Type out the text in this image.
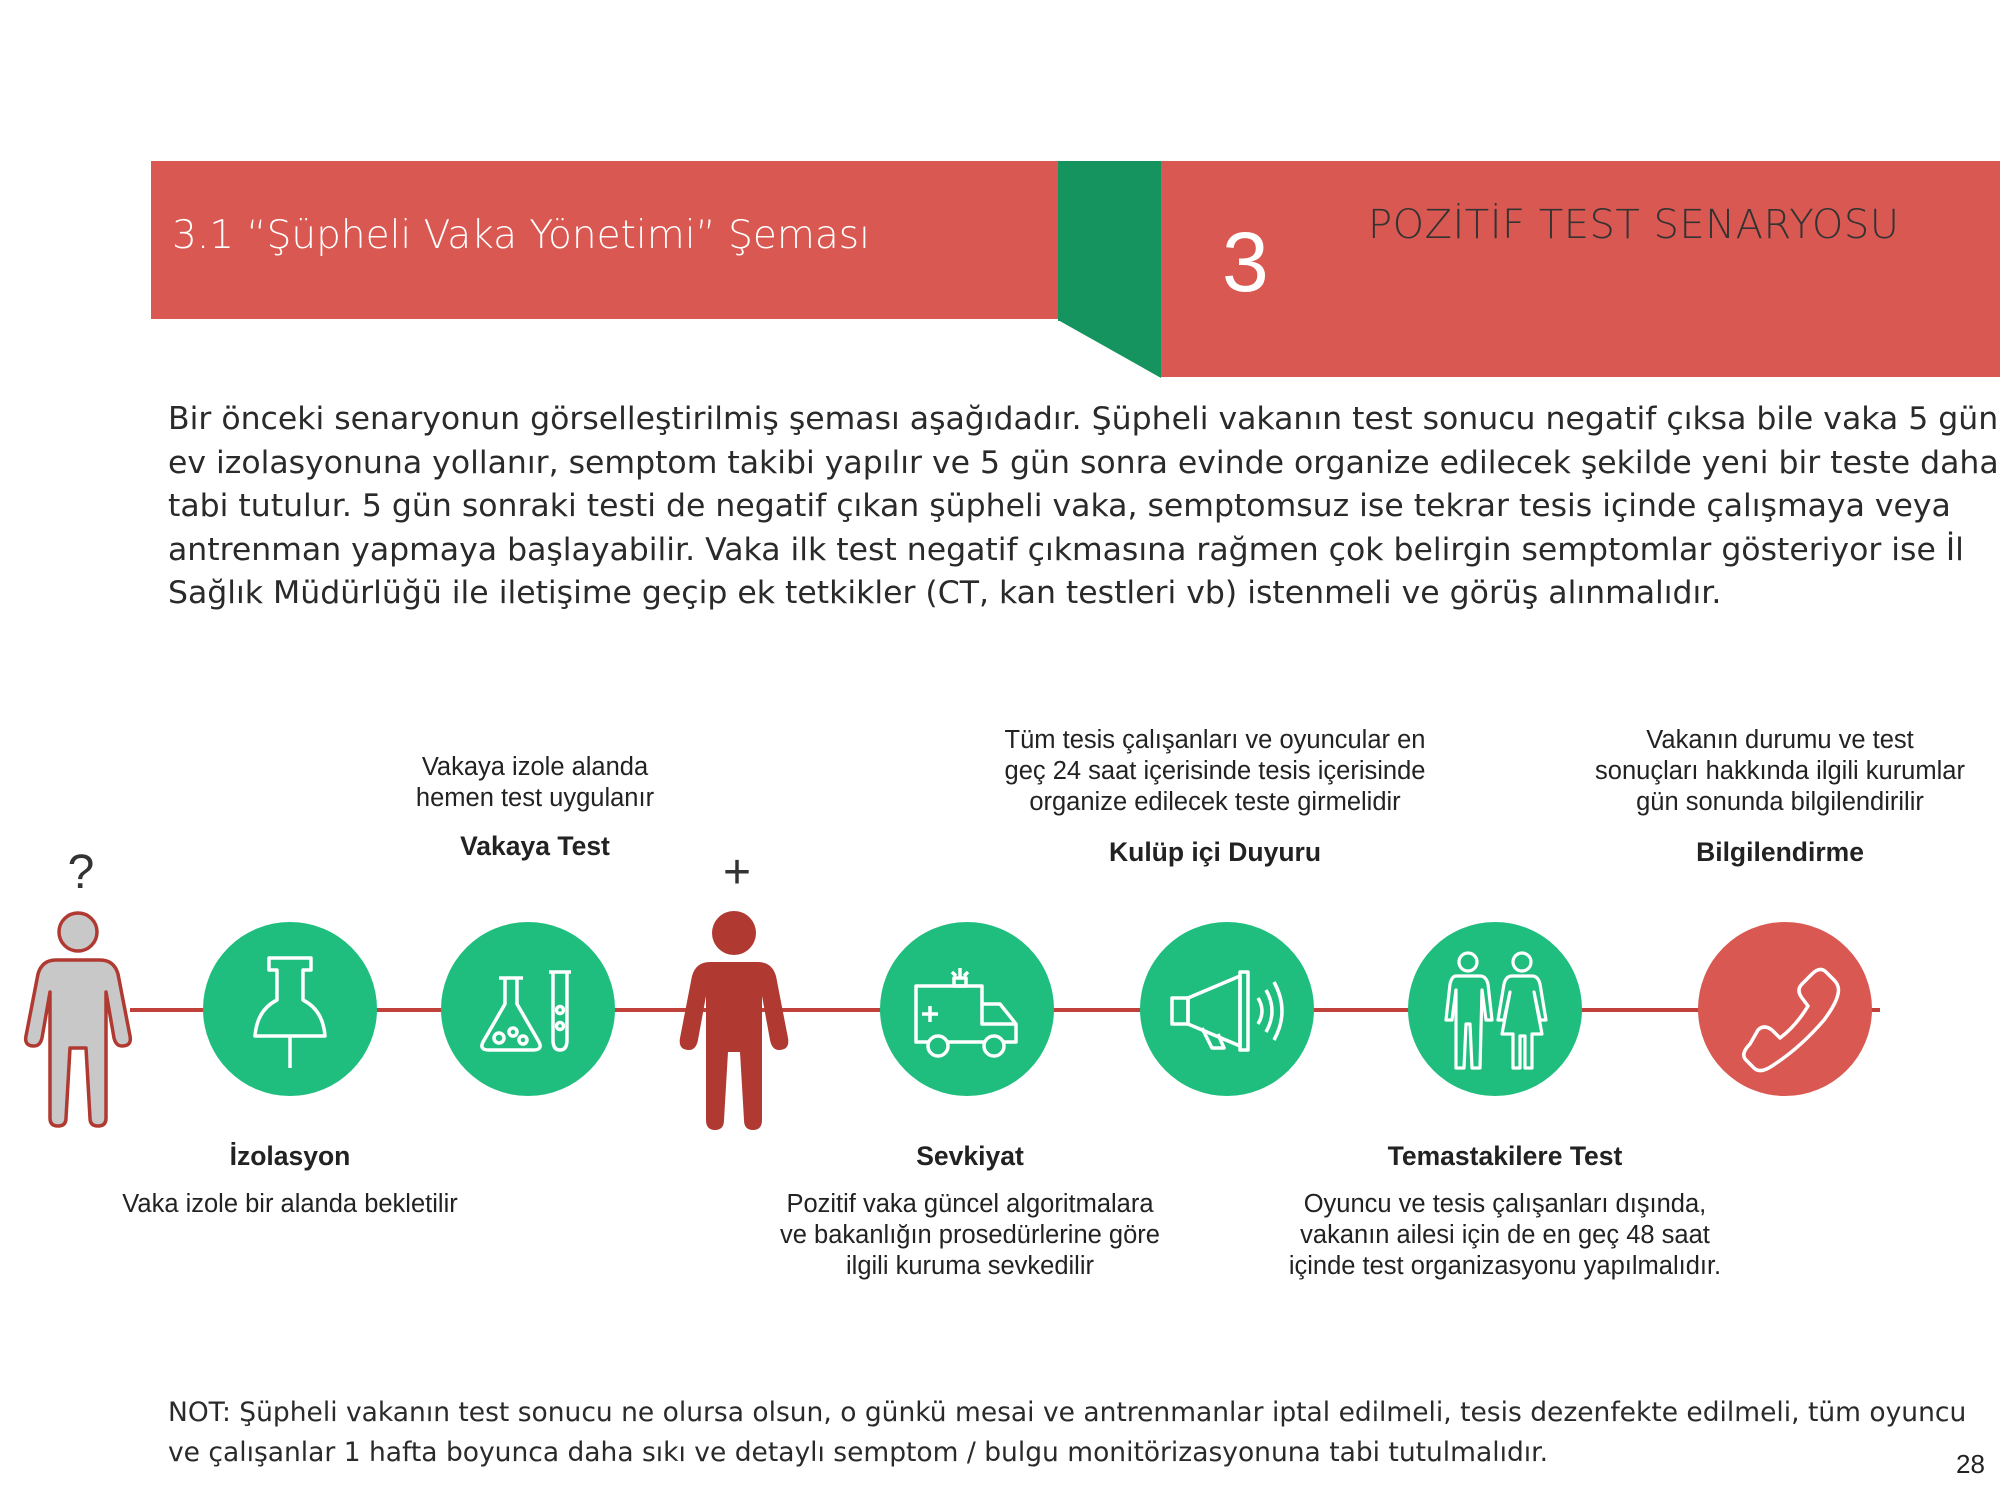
3.1 “Şüpheli Vaka Yönetimi” Şeması	3 POZİTİF TEST SENARYOSU

Bir önceki senaryonun görselleştirilmiş şeması aşağıdadır. Şüpheli vakanın test sonucu negatif çıksa bile vaka 5 gün ev izolasyonuna yollanır, semptom takibi yapılır ve 5 gün sonra evinde organize edilecek şekilde yeni bir teste daha tabi tutulur. 5 gün sonraki testi de negatif çıkan şüpheli vaka, semptomsuz ise tekrar tesis içinde çalışmaya veya antrenman yapmaya başlayabilir. Vaka ilk test negatif çıkmasına rağmen çok belirgin semptomlar gösteriyor ise İl Sağlık Müdürlüğü ile iletişime geçip ek tetkikler (CT, kan testleri vb) istenmeli ve görüş alınmalıdır.

?	+
İzolasyon
Vaka izole bir alanda bekletilir
Vakaya izole alanda
hemen test uygulanır
Vakaya Test
Sevkiyat
Pozitif vaka güncel algoritmalara
ve bakanlığın prosedürlerine göre
ilgili kuruma sevkedilir
Tüm tesis çalışanları ve oyuncular en
geç 24 saat içerisinde tesis içerisinde
organize edilecek teste girmelidir
Kulüp içi Duyuru
Temastakilere Test
Oyuncu ve tesis çalışanları dışında,
vakanın ailesi için de en geç 48 saat
içinde test organizasyonu yapılmalıdır.
Vakanın durumu ve test
sonuçları hakkında ilgili kurumlar
gün sonunda bilgilendirilir
Bilgilendirme

NOT: Şüpheli vakanın test sonucu ne olursa olsun, o günkü mesai ve antrenmanlar iptal edilmeli, tesis dezenfekte edilmeli, tüm oyuncu ve çalışanlar 1 hafta boyunca daha sıkı ve detaylı semptom / bulgu monitörizasyonuna tabi tutulmalıdır.	28
